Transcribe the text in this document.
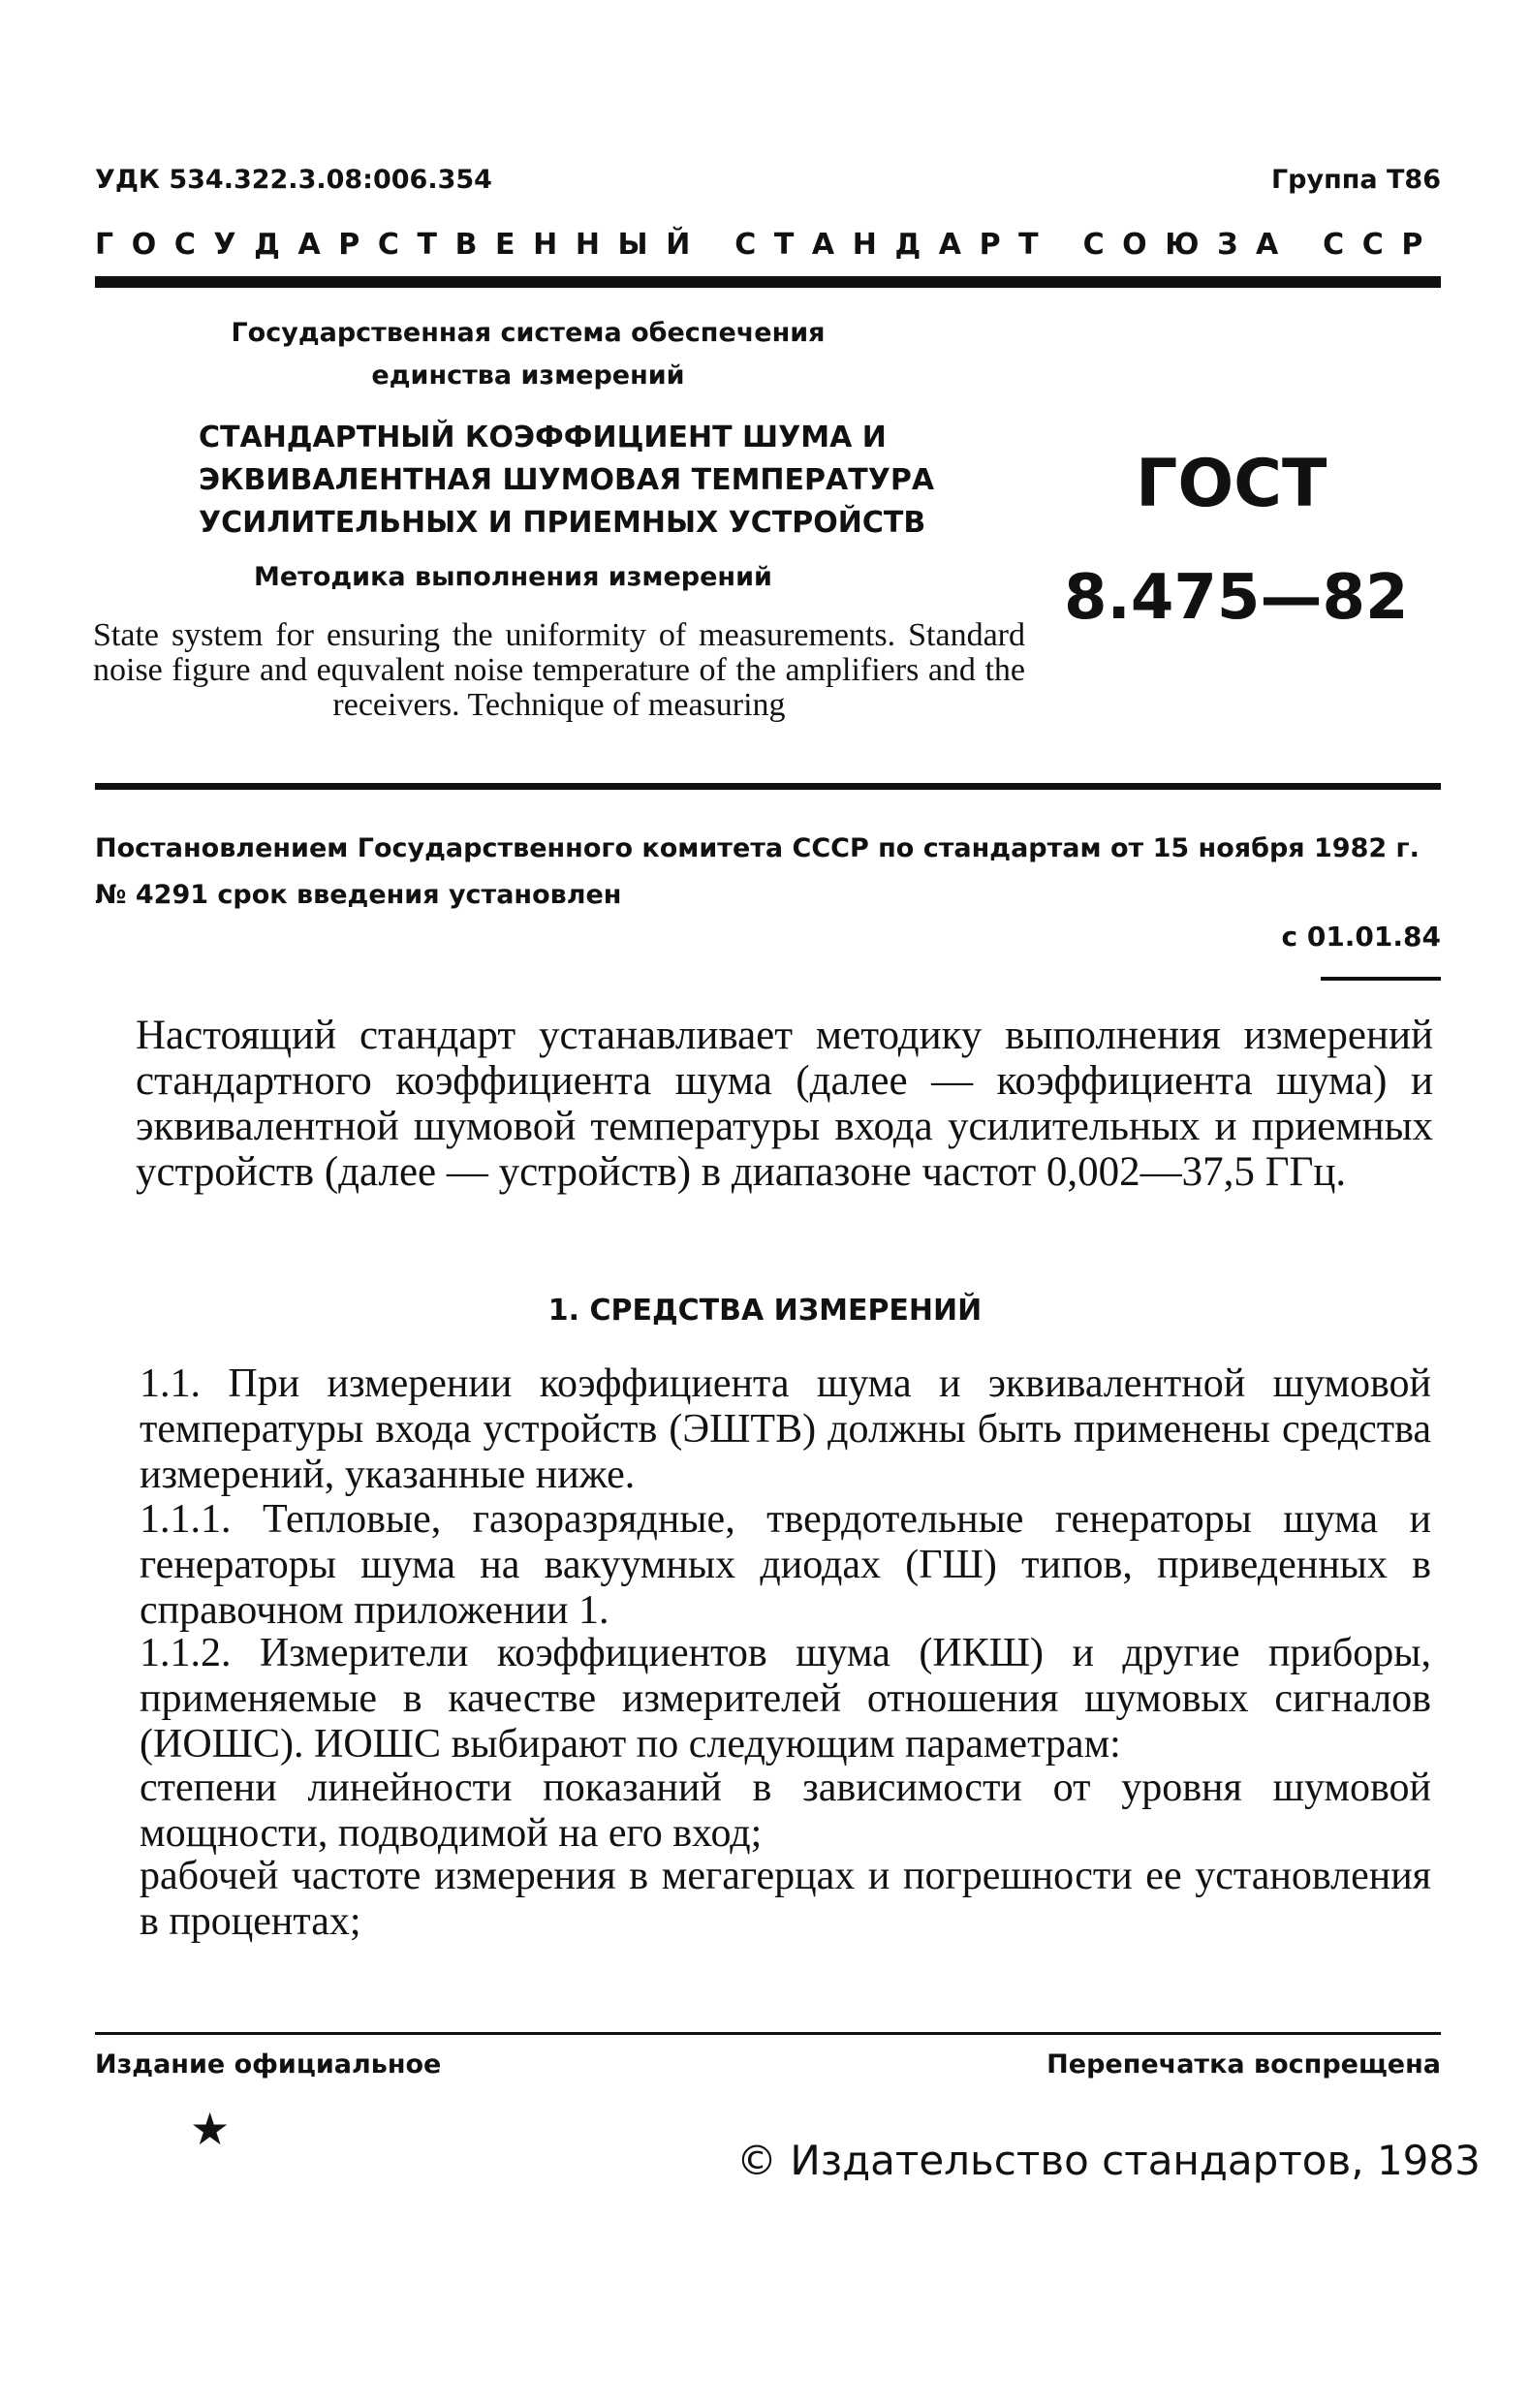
УДК 534.322.3.08:006.354	Группа Т86
ГОСУДАРСТВЕННЫЙ СТАНДАРТ СОЮЗА ССР
Государственная система обеспечения
единства измерений
СТАНДАРТНЫЙ КОЭФФИЦИЕНТ ШУМА И
ЭКВИВАЛЕНТНАЯ ШУМОВАЯ ТЕМПЕРАТУРА
УСИЛИТЕЛЬНЫХ И ПРИЕМНЫХ УСТРОЙСТВ
ГОСТ
8.475—82
Методика выполнения измерений
State system for ensuring the uniformity of measurements. Standard noise figure and equvalent noise temperature of the amplifiers and the receivers. Technique of measuring
Постановлением Государственного комитета СССР по стандартам от 15 ноября 1982 г. № 4291 срок введения установлен
с 01.01.84
Настоящий стандарт устанавливает методику выполнения измерений стандартного коэффициента шума (далее — коэффициента шума) и эквивалентной шумовой температуры входа усилительных и приемных устройств (далее — устройств) в диапазоне частот 0,002—37,5 ГГц.
1. СРЕДСТВА ИЗМЕРЕНИЙ
1.1. При измерении коэффициента шума и эквивалентной шумовой температуры входа устройств (ЭШТВ) должны быть применены средства измерений, указанные ниже.
1.1.1. Тепловые, газоразрядные, твердотельные генераторы шума и генераторы шума на вакуумных диодах (ГШ) типов, приведенных в справочном приложении 1.
1.1.2. Измерители коэффициентов шума (ИКШ) и другие приборы, применяемые в качестве измерителей отношения шумовых сигналов (ИОШС). ИОШС выбирают по следующим параметрам:
степени линейности показаний в зависимости от уровня шумовой мощности, подводимой на его вход;
рабочей частоте измерения в мегагерцах и погрешности ее установления в процентах;
Издание официальное	Перепечатка воспрещена
★
© Издательство стандартов, 1983
